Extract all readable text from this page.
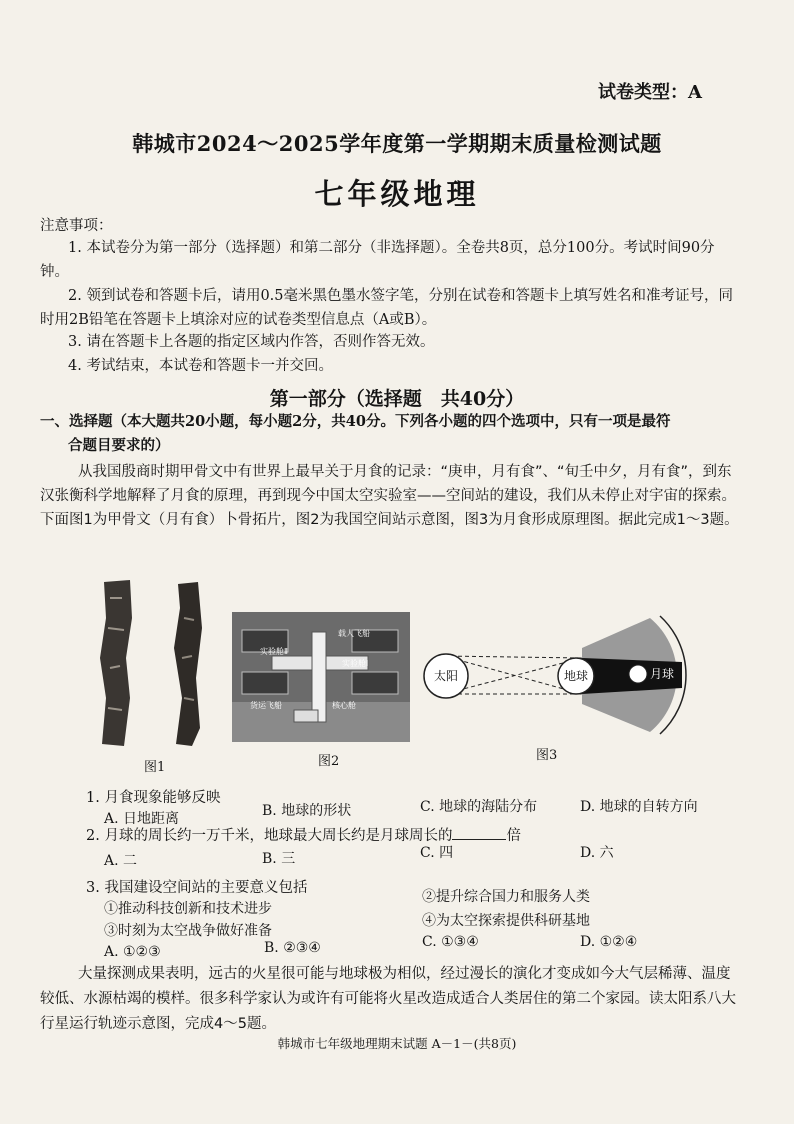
试卷类型：A
韩城市2024～2025学年度第一学期期末质量检测试题
七年级地理
注意事项：
1. 本试卷分为第一部分（选择题）和第二部分（非选择题）。全卷共8页，总分100分。考试时间90分钟。
2. 领到试卷和答题卡后，请用0.5毫米黑色墨水签字笔，分别在试卷和答题卡上填写姓名和准考证号，同时用2B铅笔在答题卡上填涂对应的试卷类型信息点（A或B）。
3. 请在答题卡上各题的指定区域内作答，否则作答无效。
4. 考试结束，本试卷和答题卡一并交回。
第一部分（选择题　共40分）
一、选择题（本大题共20小题，每小题2分，共40分。下列各小题的四个选项中，只有一项是最符
合题目要求的）
从我国殷商时期甲骨文中有世界上最早关于月食的记录：“庚申，月有食”、“旬壬中夕，月有食”，到东汉张衡科学地解释了月食的原理，再到现今中国太空实验室——空间站的建设，我们从未停止对宇宙的探索。下面图1为甲骨文（月有食）卜骨拓片，图2为我国空间站示意图，图3为月食形成原理图。据此完成1～3题。
图1
载人飞船
实验舱Ⅱ
实验舱Ⅰ
货运飞船	核心舱
图2
太阳	地球	月球
图3
1. 月食现象能够反映
A. 日地距离	B. 地球的形状	C. 地球的海陆分布	D. 地球的自转方向
2. 月球的周长约一万千米，地球最大周长约是月球周长的	倍
A. 二	B. 三	C. 四	D. 六
3. 我国建设空间站的主要意义包括
①推动科技创新和技术进步
②提升综合国力和服务人类
③时刻为太空战争做好准备
④为太空探索提供科研基地
A. ①②③	B. ②③④	C. ①③④	D. ①②④
大量探测成果表明，远古的火星很可能与地球极为相似，经过漫长的演化才变成如今大气层稀薄、温度较低、水源枯竭的模样。很多科学家认为或许有可能将火星改造成适合人类居住的第二个家园。读太阳系八大行星运行轨迹示意图，完成4～5题。
韩城市七年级地理期末试题 A－1－(共8页)
